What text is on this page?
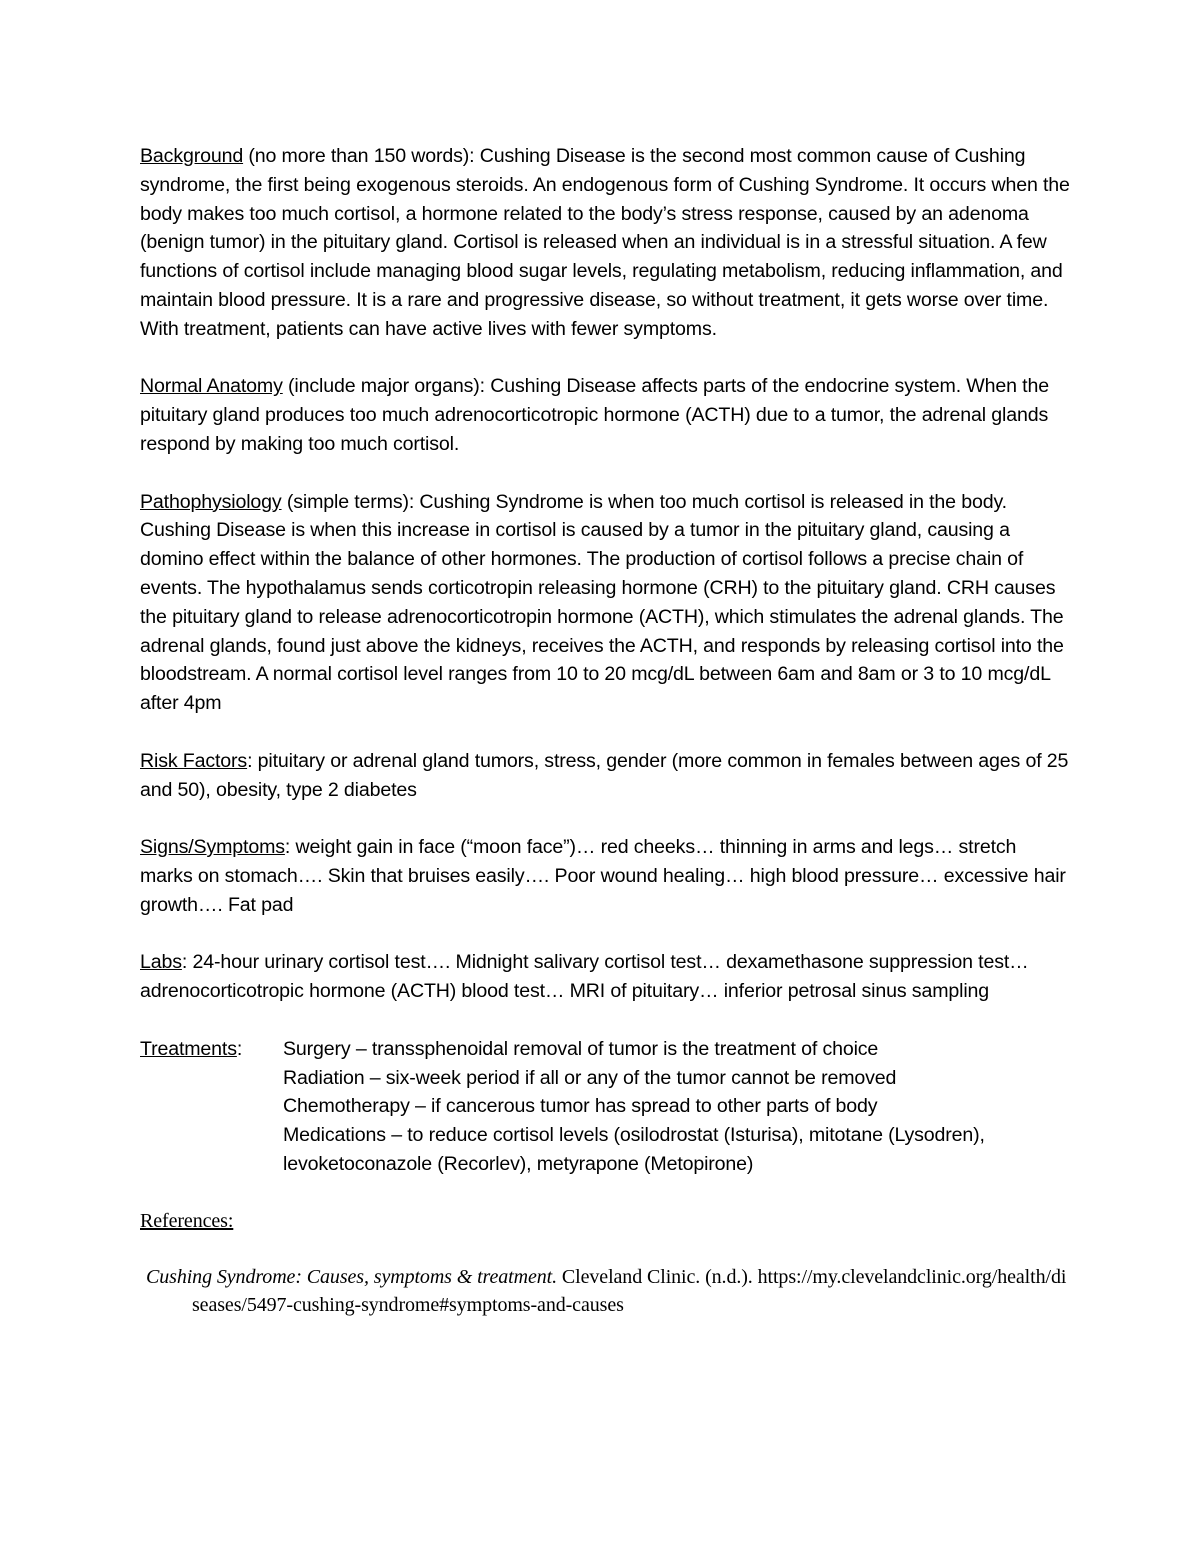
Background (no more than 150 words): Cushing Disease is the second most common cause of Cushing syndrome, the first being exogenous steroids. An endogenous form of Cushing Syndrome. It occurs when the body makes too much cortisol, a hormone related to the body’s stress response, caused by an adenoma (benign tumor) in the pituitary gland. Cortisol is released when an individual is in a stressful situation. A few functions of cortisol include managing blood sugar levels, regulating metabolism, reducing inflammation, and maintain blood pressure. It is a rare and progressive disease, so without treatment, it gets worse over time. With treatment, patients can have active lives with fewer symptoms.

Normal Anatomy (include major organs): Cushing Disease affects parts of the endocrine system. When the pituitary gland produces too much adrenocorticotropic hormone (ACTH) due to a tumor, the adrenal glands respond by making too much cortisol.

Pathophysiology (simple terms): Cushing Syndrome is when too much cortisol is released in the body. Cushing Disease is when this increase in cortisol is caused by a tumor in the pituitary gland, causing a domino effect within the balance of other hormones. The production of cortisol follows a precise chain of events. The hypothalamus sends corticotropin releasing hormone (CRH) to the pituitary gland. CRH causes the pituitary gland to release adrenocorticotropin hormone (ACTH), which stimulates the adrenal glands. The adrenal glands, found just above the kidneys, receives the ACTH, and responds by releasing cortisol into the bloodstream. A normal cortisol level ranges from 10 to 20 mcg/dL between 6am and 8am or 3 to 10 mcg/dL after 4pm

Risk Factors: pituitary or adrenal gland tumors, stress, gender (more common in females between ages of 25 and 50), obesity, type 2 diabetes

Signs/Symptoms: weight gain in face (“moon face”)… red cheeks… thinning in arms and legs… stretch marks on stomach…. Skin that bruises easily…. Poor wound healing… high blood pressure… excessive hair growth…. Fat pad

Labs: 24-hour urinary cortisol test…. Midnight salivary cortisol test… dexamethasone suppression test… adrenocorticotropic hormone (ACTH) blood test… MRI of pituitary… inferior petrosal sinus sampling

Treatments:	Surgery – transsphenoidal removal of tumor is the treatment of choice
Radiation – six-week period if all or any of the tumor cannot be removed
Chemotherapy – if cancerous tumor has spread to other parts of body
Medications – to reduce cortisol levels (osilodrostat (Isturisa), mitotane (Lysodren), levoketoconazole (Recorlev), metyrapone (Metopirone)

References:

Cushing Syndrome: Causes, symptoms & treatment. Cleveland Clinic. (n.d.). https://my.clevelandclinic.org/health/diseases/5497-cushing-syndrome#symptoms-and-causes
